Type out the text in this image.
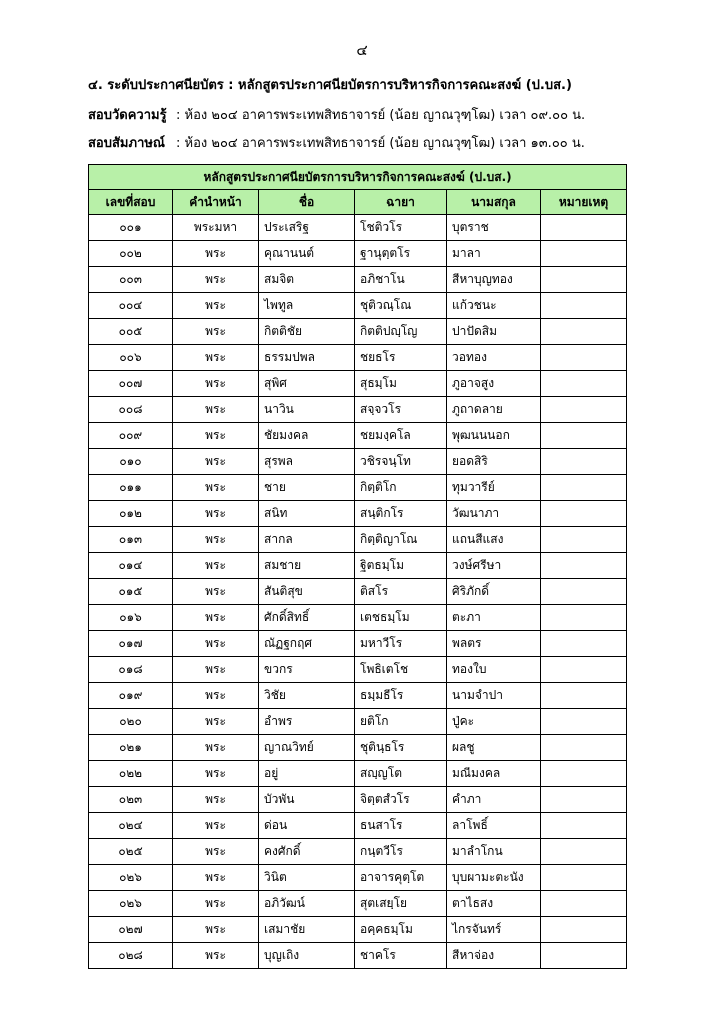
๔
๔. ระดับประกาศนียบัตร : หลักสูตรประกาศนียบัตรการบริหารกิจการคณะสงฆ์ (ป.บส.)
สอบวัดความรู้ : ห้อง ๒๐๔ อาคารพระเทพสิทธาจารย์ (น้อย ญาณวุฑฺโฒ) เวลา ๐๙.๐๐ น.
สอบสัมภาษณ์ : ห้อง ๒๐๔ อาคารพระเทพสิทธาจารย์ (น้อย ญาณวุฑฺโฒ) เวลา ๑๓.๐๐ น.
หลักสูตรประกาศนียบัตรการบริหารกิจการคณะสงฆ์ (ป.บส.)					
เลขที่สอบ	คำนำหน้า	ชื่อ	ฉายา	นามสกุล	หมายเหตุ
๐๐๑	พระมหา	ประเสริฐ	โชติวโร	บุตราช	
๐๐๒	พระ	คุณานนต์	ฐานุตฺตโร	มาลา	
๐๐๓	พระ	สมจิต	อภิชาโน	สีหาบุญทอง	
๐๐๔	พระ	ไพทูล	ชุติวณฺโณ	แก้วชนะ	
๐๐๕	พระ	กิตติชัย	กิตติปญฺโญ	ปาปัดสิม	
๐๐๖	พระ	ธรรมปพล	ชยธโร	วอทอง	
๐๐๗	พระ	สุพิศ	สุธมฺโม	ภูอาจสูง	
๐๐๘	พระ	นาวิน	สจฺจวโร	ภูถาดลาย	
๐๐๙	พระ	ชัยมงคล	ชยมงฺคโล	พุฒนนนอก	
๐๑๐	พระ	สุรพล	วชิรจนฺโท	ยอดสิริ	
๐๑๑	พระ	ชาย	กิตฺติโก	ทุมวารีย์	
๐๑๒	พระ	สนิท	สนฺติกโร	วัฒนาภา	
๐๑๓	พระ	สากล	กิตฺติญาโณ	แถนสีแสง	
๐๑๔	พระ	สมชาย	ฐิตธมฺโม	วงษ์ศรีษา	
๐๑๕	พระ	สันติสุข	ติสโร	ศิริภักดิ์	
๐๑๖	พระ	ศักดิ์สิทธิ์	เตชธมฺโม	ตะภา	
๐๑๗	พระ	ณัฏฐกฤศ	มหาวีโร	พลตร	
๐๑๘	พระ	ขวกร	โพธิเตโช	ทองใบ	
๐๑๙	พระ	วิชัย	ธมฺมธีโร	นามจำปา	
๐๒๐	พระ	อำพร	ยติโก	ปู่คะ	
๐๒๑	พระ	ญาณวิทย์	ชุตินฺธโร	ผลชู	
๐๒๒	พระ	อยู่	สญฺญโต	มณีมงคล	
๐๒๓	พระ	บัวพัน	จิตฺตสํวโร	คำภา	
๐๒๔	พระ	ด่อน	ธนสาโร	ลาโพธิ์	
๐๒๕	พระ	คงศักดิ์	กนฺตวีโร	มาลำโกน	
๐๒๖	พระ	วินิต	อาจารคุตฺโต	บุบผามะตะนัง	
๐๒๖	พระ	อภิวัฒน์	สุตเสยฺโย	ตาไธสง	
๐๒๗	พระ	เสมาชัย	อคฺคธมฺโม	ไกรจันทร์	
๐๒๘	พระ	บุญเถิง	ชาคโร	สีหาจ่อง	
